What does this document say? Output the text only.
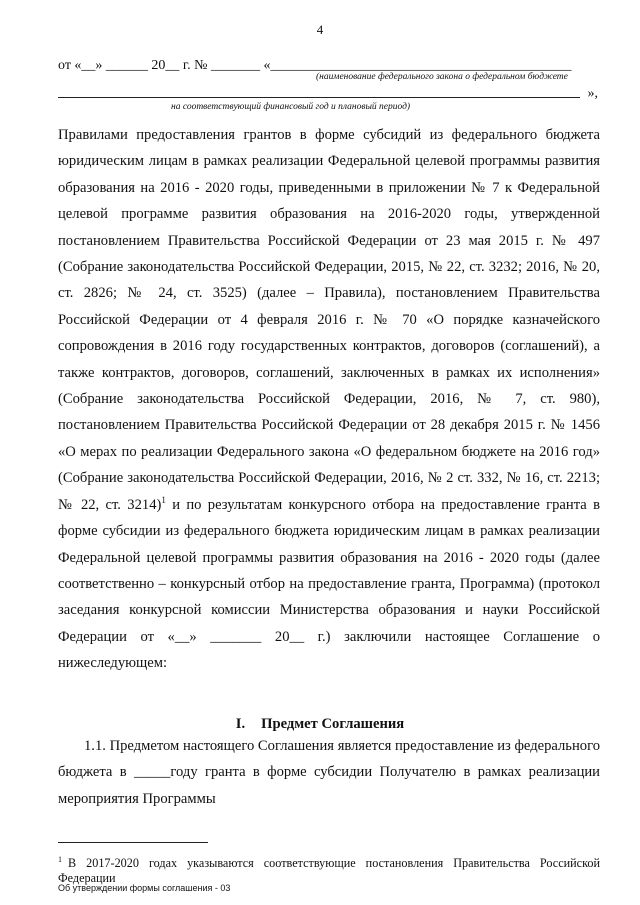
4
от «__» ______ 20__ г. № _______ «___________________________________________
(наименование федерального закона о федеральном бюджете
»,
на соответствующий финансовый год и плановый период)
Правилами предоставления грантов в форме субсидий из федерального бюджета юридическим лицам в рамках реализации Федеральной целевой программы развития образования на 2016 - 2020 годы, приведенными в приложении № 7 к Федеральной целевой программе развития образования на 2016-2020 годы, утвержденной постановлением Правительства Российской Федерации от 23 мая 2015 г. № 497 (Собрание законодательства Российской Федерации, 2015, № 22, ст. 3232; 2016, № 20, ст. 2826; № 24, ст. 3525) (далее – Правила), постановлением Правительства Российской Федерации от 4 февраля 2016 г. № 70 «О порядке казначейского сопровождения в 2016 году государственных контрактов, договоров (соглашений), а также контрактов, договоров, соглашений, заключенных в рамках их исполнения» (Собрание законодательства Российской Федерации, 2016, № 7, ст. 980), постановлением Правительства Российской Федерации от 28 декабря 2015 г. № 1456 «О мерах по реализации Федерального закона «О федеральном бюджете на 2016 год» (Собрание законодательства Российской Федерации, 2016, № 2 ст. 332, № 16, ст. 2213; № 22, ст. 3214)$^1$ и по результатам конкурсного отбора на предоставление гранта в форме субсидии из федерального бюджета юридическим лицам в рамках реализации Федеральной целевой программы развития образования на 2016 - 2020 годы (далее соответственно – конкурсный отбор на предоставление гранта, Программа) (протокол заседания конкурсной комиссии Министерства образования и науки Российской Федерации от «__» _______ 20__ г.) заключили настоящее Соглашение о нижеследующем:
I. Предмет Соглашения
1.1. Предметом настоящего Соглашения является предоставление из федерального бюджета в _____году гранта в форме субсидии Получателю в рамках реализации мероприятия Программы
$^1$ В 2017-2020 годах указываются соответствующие постановления Правительства Российской Федерации
Об утверждении формы соглашения - 03
